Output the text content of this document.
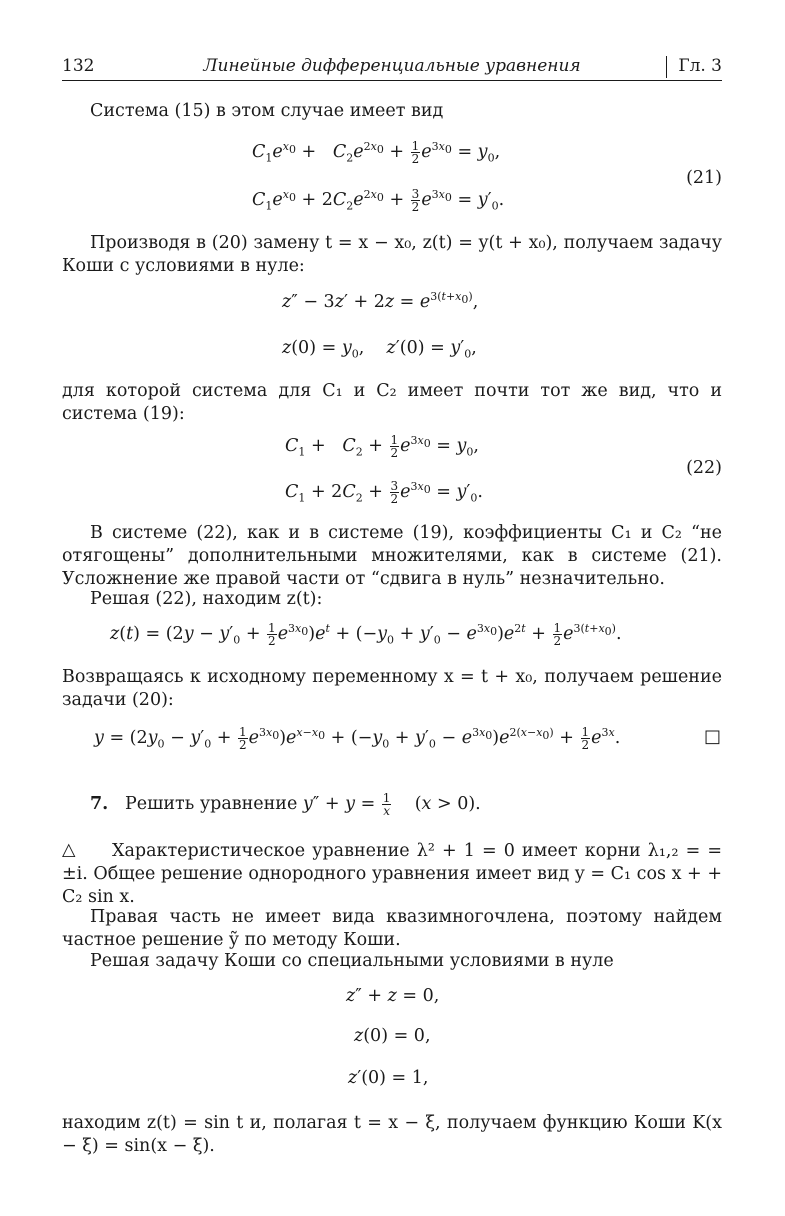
132	Линейные дифференциальные уравнения	Гл. 3
Система (15) в этом случае имеет вид
$C_1e^{x_0} + C_2e^{2x_0} + \frac{1}{2} e^{3x_0} = y_0$,
(21)
$C_1e^{x_0} + 2C_2e^{2x_0} + \frac{3}{2} e^{3x_0} = y'_0$.
Производя в (20) замену t = x − x₀, z(t) = y(t + x₀), получаем задачу Коши с условиями в нуле:
$z'' - 3z' + 2z = e^{3(t+x_0)}$,
$z(0) = y_0$,    $z'(0) = y'_0$,
для которой система для C₁ и C₂ имеет почти тот же вид, что и система (19):
$C_1 + C_2 + \frac{1}{2} e^{3x_0} = y_0$,
(22)
$C_1 + 2C_2 + \frac{3}{2} e^{3x_0} = y'_0$.
В системе (22), как и в системе (19), коэффициенты C₁ и C₂ “не отягощены” дополнительными множителями, как в системе (21). Усложнение же правой части от “сдвига в нуль” незначительно.
Решая (22), находим z(t):
$z(t) = (2y - y'_0 + \frac{1}{2} e^{3x_0})e^t + (-y_0 + y'_0 - e^{3x_0})e^{2t} + \frac{1}{2} e^{3(t+x_0)}$.
Возвращаясь к исходному переменному x = t + x₀, получаем решение задачи (20):
$y = (2y_0 - y'_0 + \frac{1}{2} e^{3x_0})e^{x-x_0} + (-y_0 + y'_0 - e^{3x_0})e^{2(x-x_0)} + \frac{1}{2} e^{3x}$.	□
7. Решить уравнение $y'' + y = \frac{1}{x} (x > 0)$.
△	Характеристическое уравнение λ² + 1 = 0 имеет корни λ₁,₂ = = ±i. Общее решение однородного уравнения имеет вид y = C₁ cos x + + C₂ sin x.
Правая часть не имеет вида квазимногочлена, поэтому найдем частное решение ỹ по методу Коши.
Решая задачу Коши со специальными условиями в нуле
z″ + z = 0,
z(0) = 0,
z′(0) = 1,
находим z(t) = sin t и, полагая t = x − ξ, получаем функцию Коши K(x − ξ) = sin(x − ξ).
